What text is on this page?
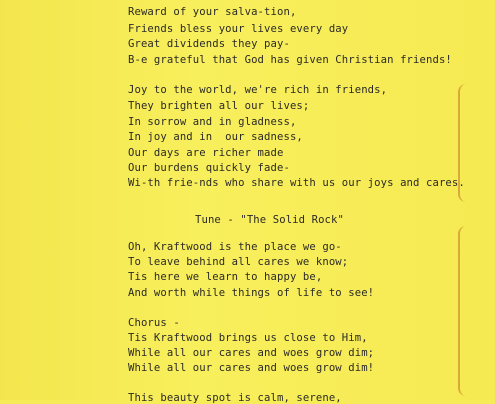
Reward of your salva-tion,
Friends bless your lives every day
Great dividends they pay-
B-e grateful that God has given Christian friends!
Joy to the world, we're rich in friends,
They brighten all our lives;
In sorrow and in gladness,
In joy and in  our sadness,
Our days are richer made
Our burdens quickly fade-
Wi-th frie-nds who share with us our joys and cares.
Tune - "The Solid Rock"
Oh, Kraftwood is the place we go-
To leave behind all cares we know;
Tis here we learn to happy be,
And worth while things of life to see!
Chorus -
Tis Kraftwood brings us close to Him,
While all our cares and woes grow dim;
While all our cares and woes grow dim!
This beauty spot is calm, serene,
